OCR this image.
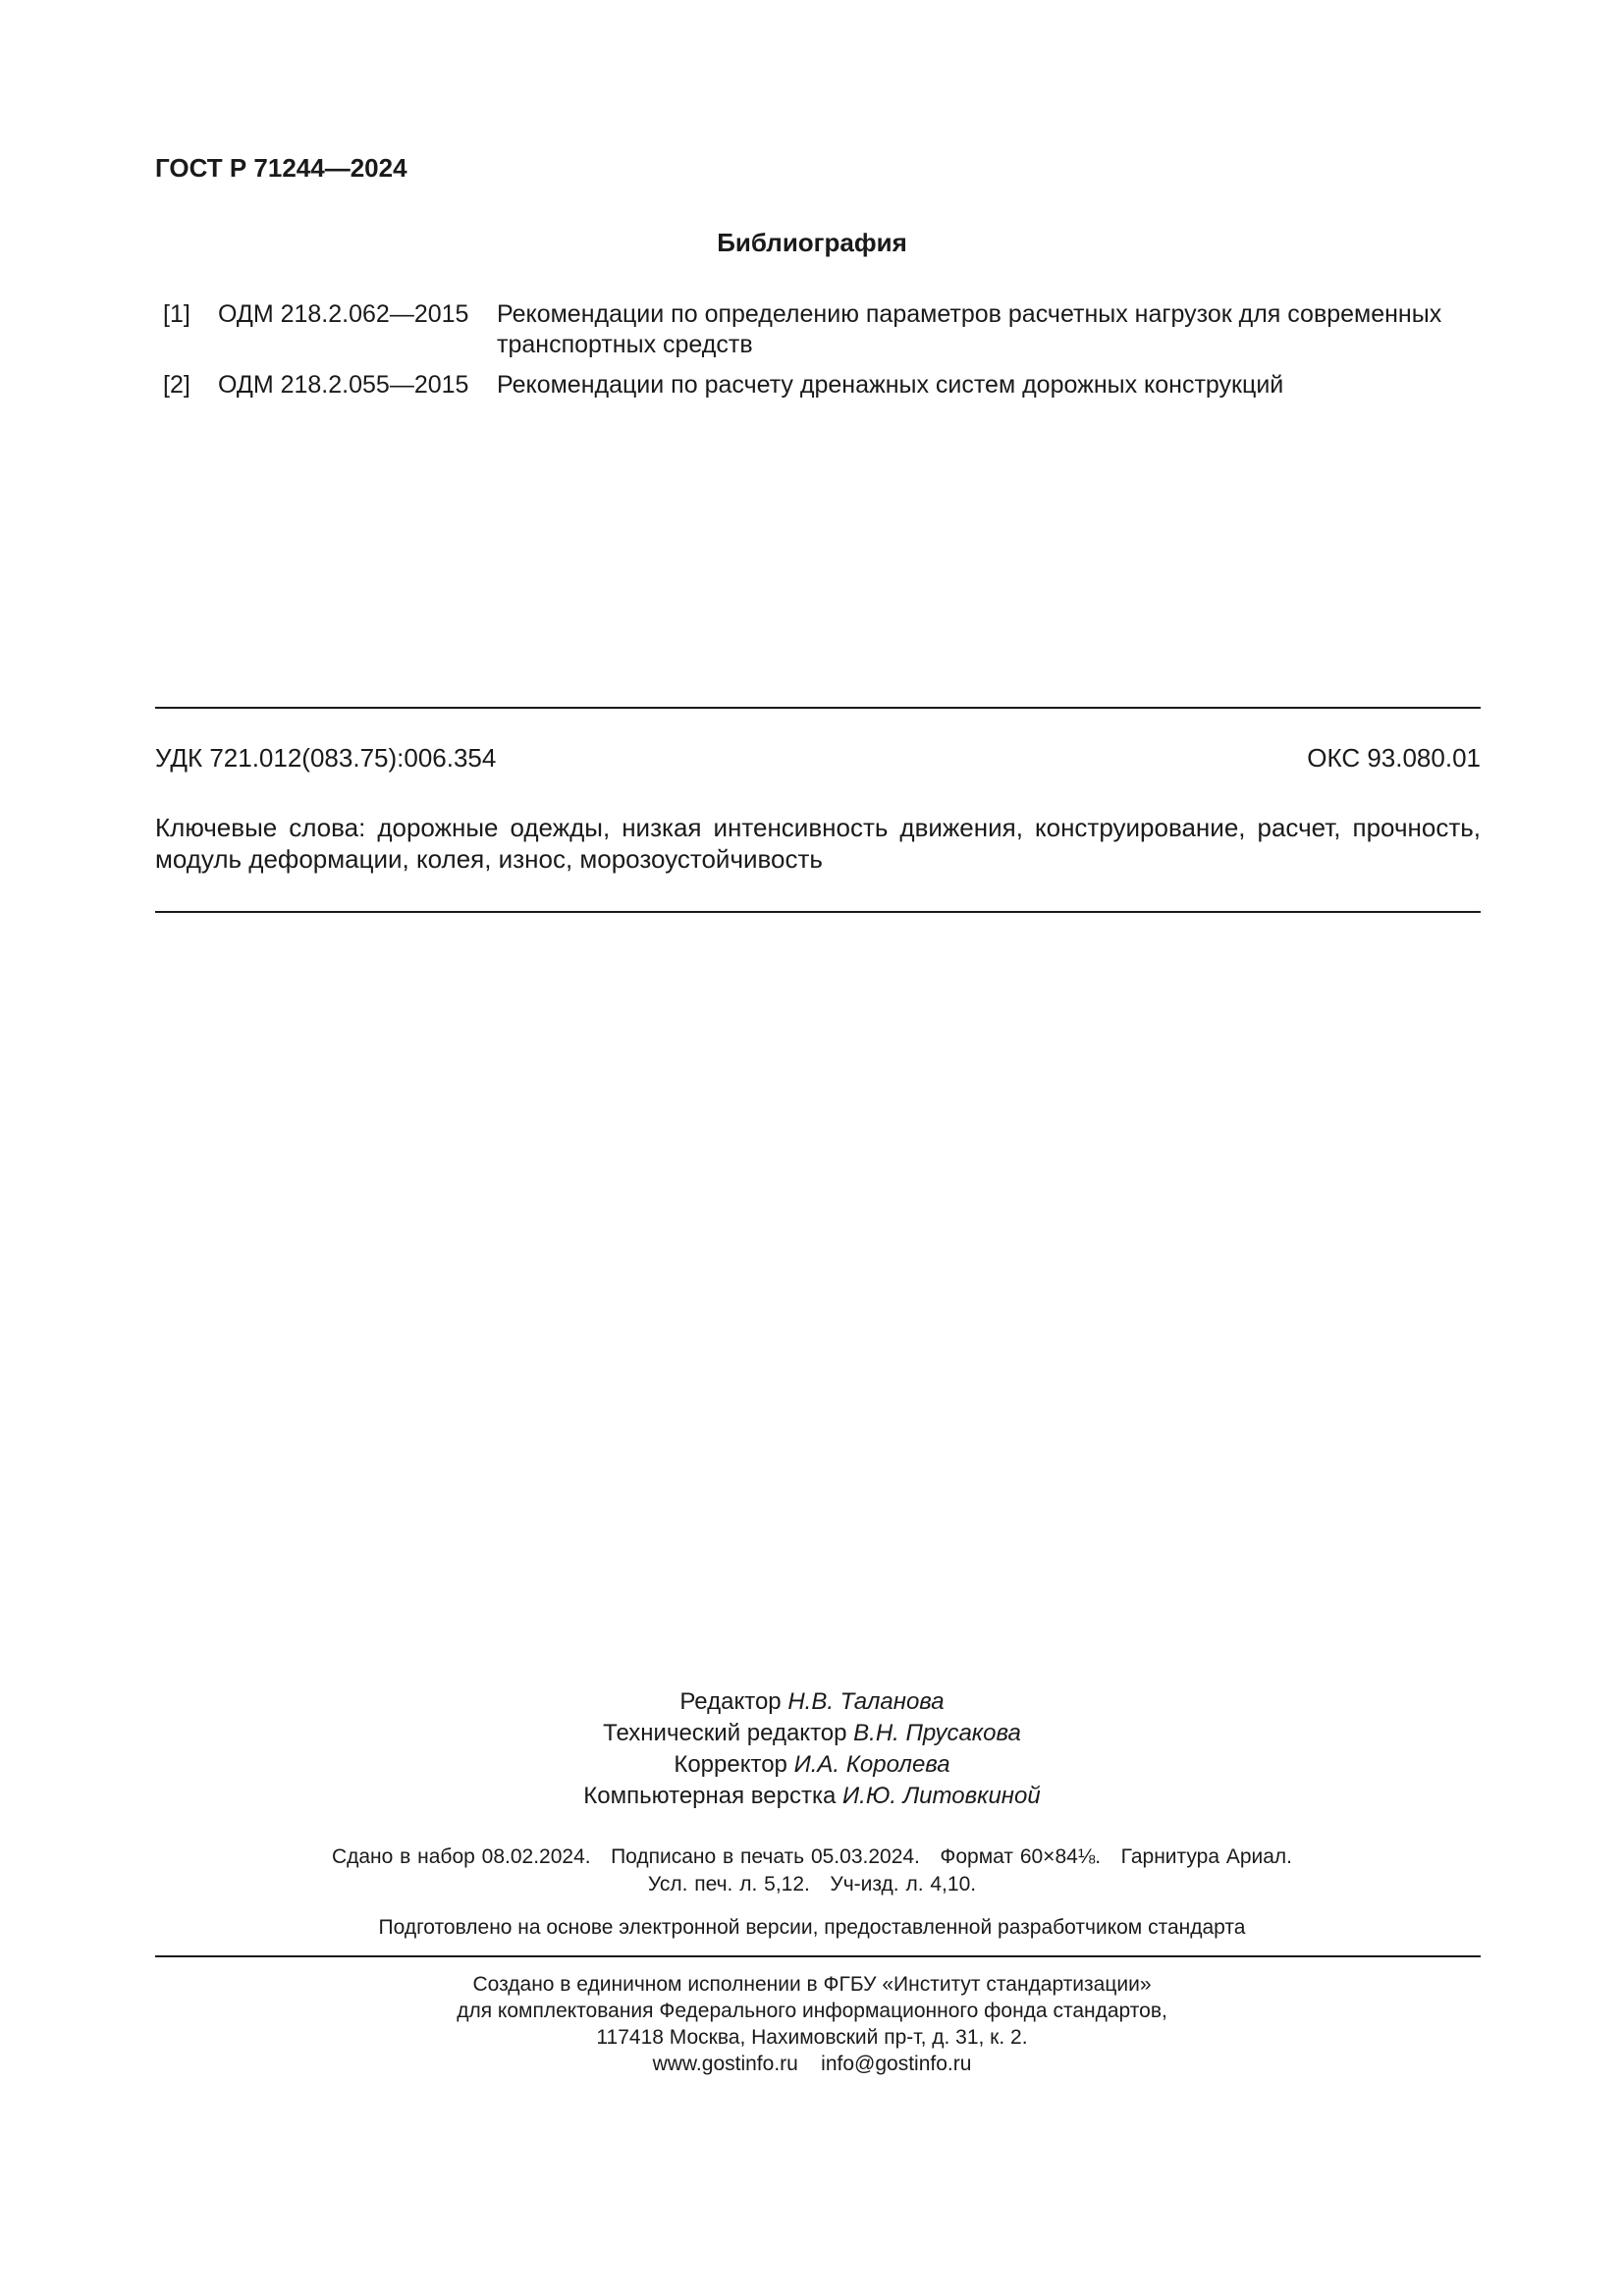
ГОСТ Р 71244—2024
Библиография
[1]	ОДМ 218.2.062—2015	Рекомендации по определению параметров расчетных нагрузок для современных транспортных средств
[2]	ОДМ 218.2.055—2015	Рекомендации по расчету дренажных систем дорожных конструкций
УДК 721.012(083.75):006.354	ОКС 93.080.01
Ключевые слова: дорожные одежды, низкая интенсивность движения, конструирование, расчет, прочность, модуль деформации, колея, износ, морозоустойчивость
Редактор Н.В. Таланова
Технический редактор В.Н. Прусакова
Корректор И.А. Королева
Компьютерная верстка И.Ю. Литовкиной
Сдано в набор 08.02.2024.   Подписано в печать 05.03.2024.   Формат 60×84⅛.   Гарнитура Ариал.
Усл. печ. л. 5,12.   Уч-изд. л. 4,10.
Подготовлено на основе электронной версии, предоставленной разработчиком стандарта
Создано в единичном исполнении в ФГБУ «Институт стандартизации»
для комплектования Федерального информационного фонда стандартов,
117418 Москва, Нахимовский пр-т, д. 31, к. 2.
www.gostinfo.ru    info@gostinfo.ru
